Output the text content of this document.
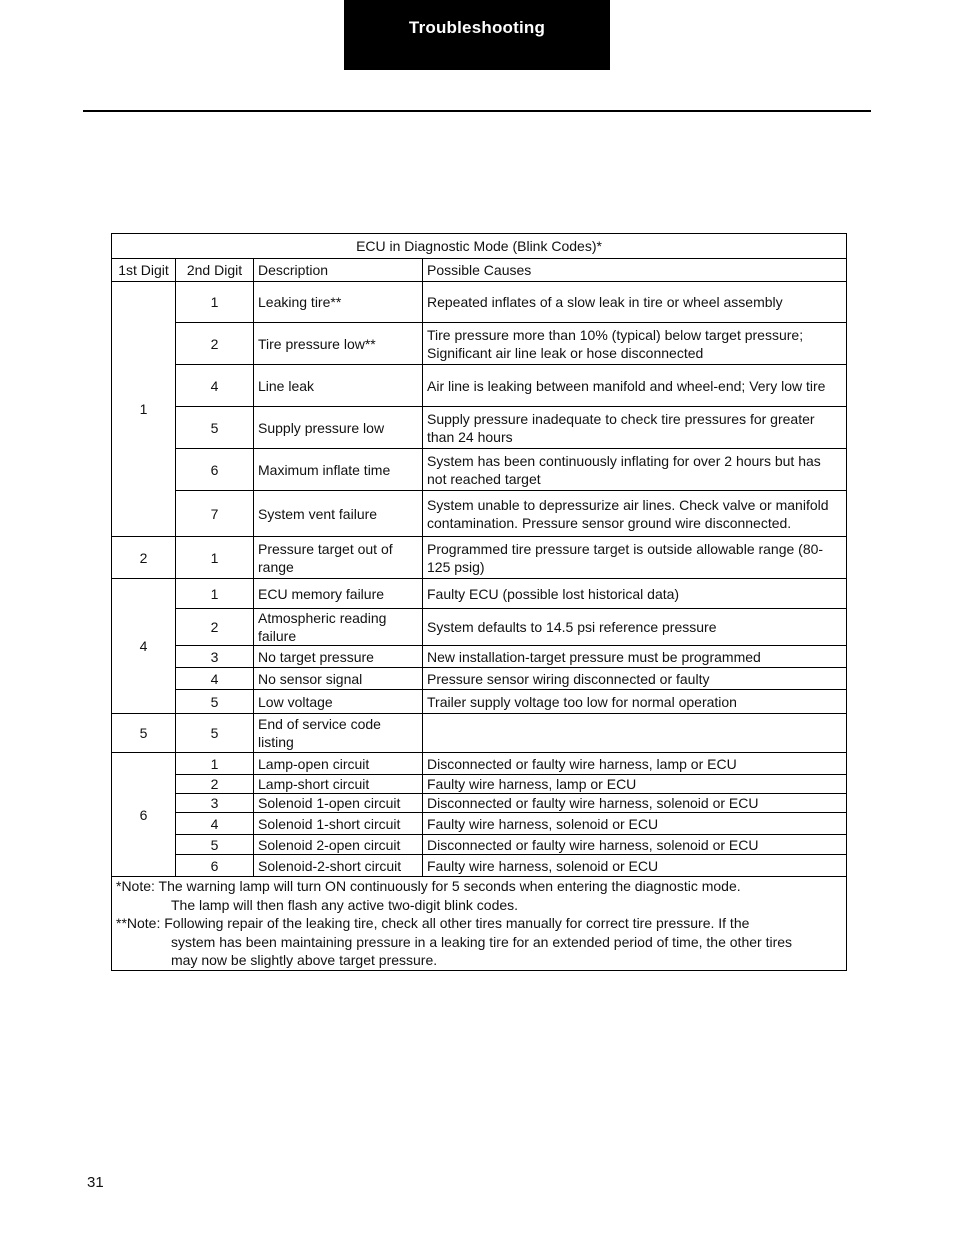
Troubleshooting
ECU in Diagnostic Mode (Blink Codes)*			
1st Digit	2nd Digit	Description	Possible Causes
1	1	Leaking tire**	Repeated inflates of a slow leak in tire or wheel assembly
	2	Tire pressure low**	Tire pressure more than 10% (typical) below target pressure; Significant air line leak or hose disconnected
	4	Line leak	Air line is leaking between manifold and wheel-end; Very low tire
	5	Supply pressure low	Supply pressure inadequate to check tire pressures for greater than 24 hours
	6	Maximum inflate time	System has been continuously inflating for over 2 hours but has not reached target
	7	System vent failure	System unable to depressurize air lines. Check valve or manifold contamination. Pressure sensor ground wire disconnected.
2	1	Pressure target out of range	Programmed tire pressure target is outside allowable range (80-125 psig)
4	1	ECU memory failure	Faulty ECU (possible lost historical data)
	2	Atmospheric reading failure	System defaults to 14.5 psi reference pressure
	3	No target pressure	New installation-target pressure must be programmed
	4	No sensor signal	Pressure sensor wiring disconnected or faulty
	5	Low voltage	Trailer supply voltage too low for normal operation
5	5	End of service code listing	
6	1	Lamp-open circuit	Disconnected or faulty wire harness, lamp or ECU
	2	Lamp-short circuit	Faulty wire harness, lamp or ECU
	3	Solenoid 1-open circuit	Disconnected or faulty wire harness, solenoid or ECU
	4	Solenoid 1-short circuit	Faulty wire harness, solenoid or ECU
	5	Solenoid 2-open circuit	Disconnected or faulty wire harness, solenoid or ECU
	6	Solenoid-2-short circuit	Faulty wire harness, solenoid or ECU

*Note: The warning lamp will turn ON continuously for 5 seconds when entering the diagnostic mode.
The lamp will then flash any active two-digit blink codes.
**Note: Following repair of the leaking tire, check all other tires manually for correct tire pressure. If the
system has been maintaining pressure in a leaking tire for an extended period of time, the other tires
may now be slightly above target pressure.			
31
